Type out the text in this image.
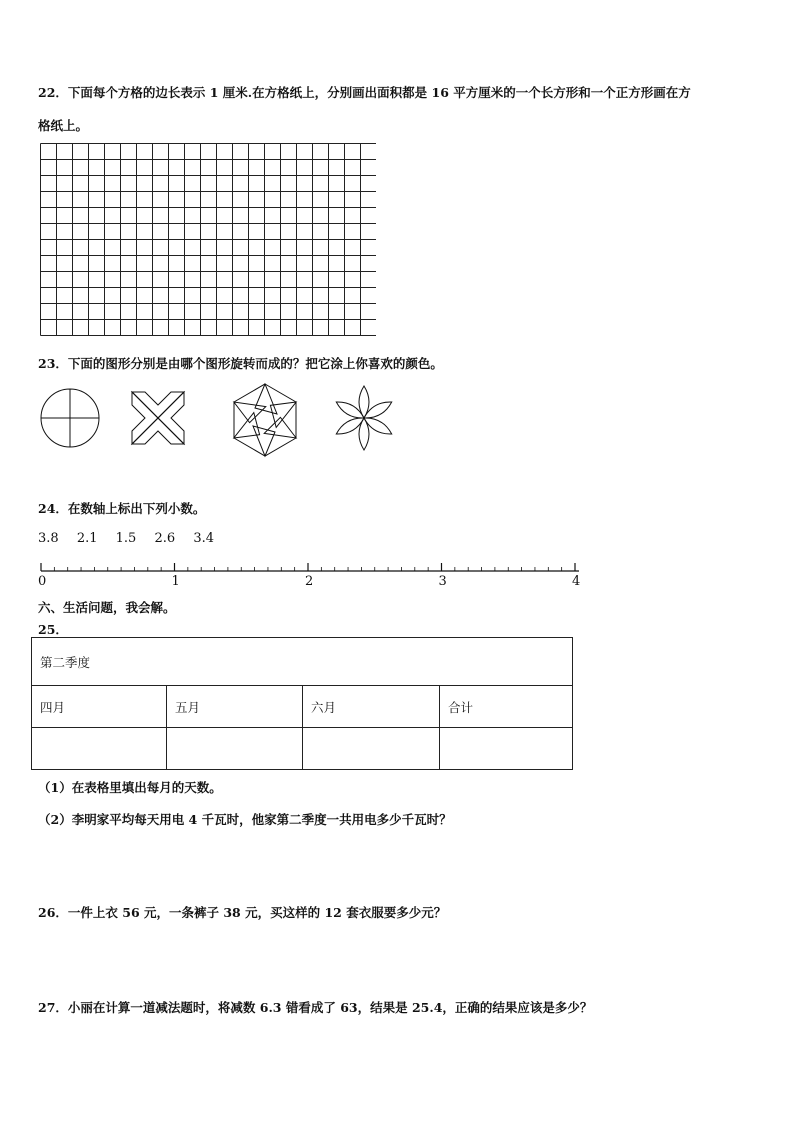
22．下面每个方格的边长表示 1 厘米.在方格纸上，分别画出面积都是 16 平方厘米的一个长方形和一个正方形画在方
格纸上。
23．下面的图形分别是由哪个图形旋转而成的？把它涂上你喜欢的颜色。
24．在数轴上标出下列小数。
3.8 2.1 1.5 2.6 3.4
0	1	2	3	4
六、生活问题，我会解。
25．
第二季度			
四月	五月	六月	合计

（1）在表格里填出每月的天数。
（2）李明家平均每天用电 4 千瓦时，他家第二季度一共用电多少千瓦时？
26．一件上衣 56 元，一条裤子 38 元，买这样的 12 套衣服要多少元？
27．小丽在计算一道减法题时，将减数 6.3 错看成了 63，结果是 25.4，正确的结果应该是多少？
